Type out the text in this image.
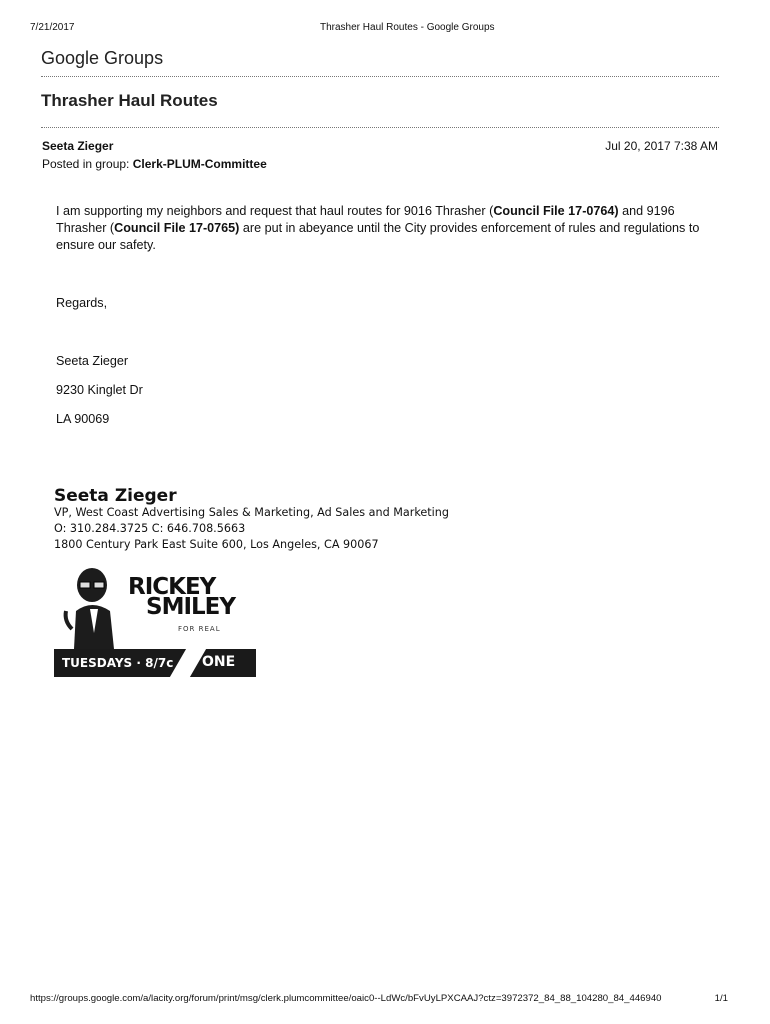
7/21/2017	Thrasher Haul Routes - Google Groups
Google Groups
Thrasher Haul Routes
Seeta Zieger
Posted in group: Clerk-PLUM-Committee
Jul 20, 2017 7:38 AM
I am supporting my neighbors and request that haul routes for 9016 Thrasher (Council File 17-0764) and 9196 Thrasher (Council File 17-0765) are put in abeyance until the City provides enforcement of rules and regulations to ensure our safety.
Regards,
Seeta Zieger
9230 Kinglet Dr
LA 90069
Seeta Zieger
VP, West Coast Advertising Sales & Marketing, Ad Sales and Marketing
O: 310.284.3725 C: 646.708.5663
1800 Century Park East Suite 600, Los Angeles, CA 90067
RICKEY
SMILEY
FOR REAL
TUESDAYS · 8/7c ONE
https://groups.google.com/a/lacity.org/forum/print/msg/clerk.plumcommittee/oaic0--LdWc/bFvUyLPXCAAJ?ctz=3972372_84_88_104280_84_446940	1/1
